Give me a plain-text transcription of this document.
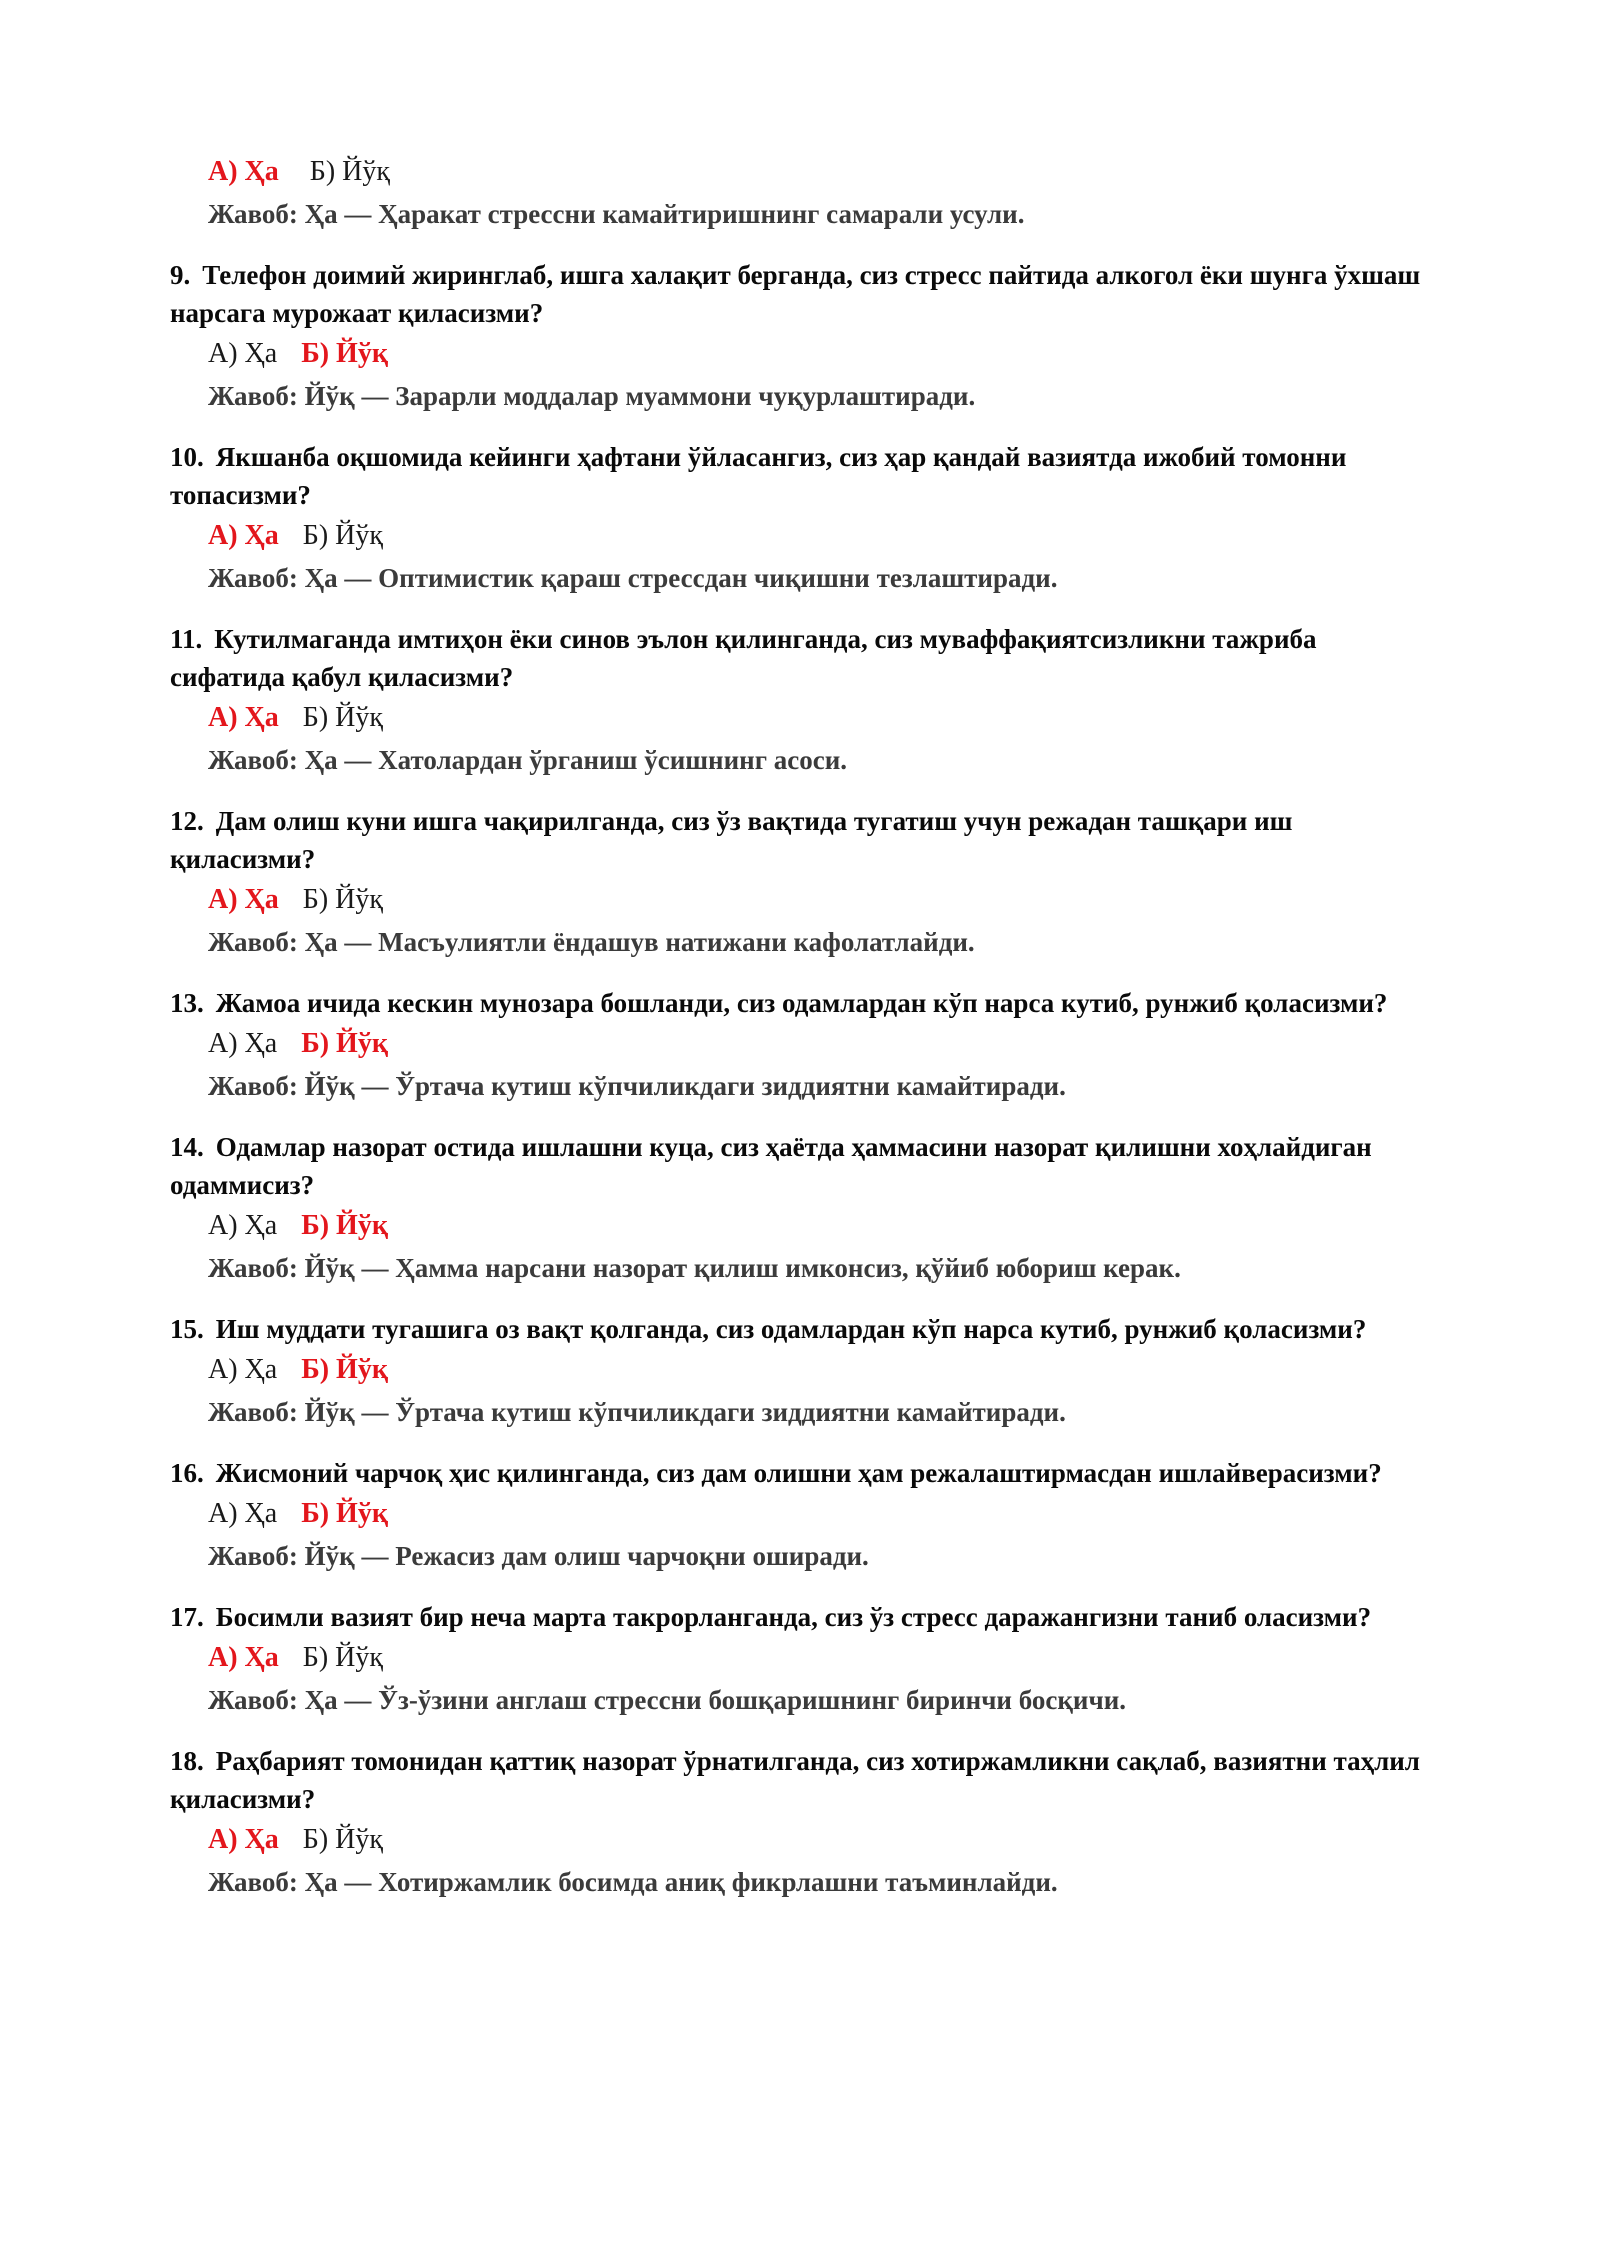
А) Ҳа Б) Йўқ
Жавоб: Ҳа — Ҳаракат стрессни камайтиришнинг самарали усули.

9. Телефон доимий жиринглаб, ишга халақит берганда, сиз стресс пайтида алкогол ёки шунга ўхшаш нарсага мурожаат қиласизми?

А) Ҳа Б) Йўқ
Жавоб: Йўқ — Зарарли моддалар муаммони чуқурлаштиради.

10. Якшанба оқшомида кейинги ҳафтани ўйласангиз, сиз ҳар қандай вазиятда ижобий томонни топасизми?

А) Ҳа Б) Йўқ
Жавоб: Ҳа — Оптимистик қараш стрессдан чиқишни тезлаштиради.

11. Кутилмаганда имтиҳон ёки синов эълон қилинганда, сиз муваффақиятсизликни тажриба сифатида қабул қиласизми?

А) Ҳа Б) Йўқ
Жавоб: Ҳа — Хатолардан ўрганиш ўсишнинг асоси.

12. Дам олиш куни ишга чақирилганда, сиз ўз вақтида тугатиш учун режадан ташқари иш қиласизми?

А) Ҳа Б) Йўқ
Жавоб: Ҳа — Масъулиятли ёндашув натижани кафолатлайди.

13. Жамоа ичида кескин мунозара бошланди, сиз одамлардан кўп нарса кутиб, рунжиб қоласизми?

А) Ҳа Б) Йўқ
Жавоб: Йўқ — Ўртача кутиш кўпчиликдаги зиддиятни камайтиради.

14. Одамлар назорат остида ишлашни куца, сиз ҳаётда ҳаммасини назорат қилишни хоҳлайдиган одаммисиз?

А) Ҳа Б) Йўқ
Жавоб: Йўқ — Ҳамма нарсани назорат қилиш имконсиз, қўйиб юбориш керак.

15. Иш муддати тугашига оз вақт қолганда, сиз одамлардан кўп нарса кутиб, рунжиб қоласизми?

А) Ҳа Б) Йўқ
Жавоб: Йўқ — Ўртача кутиш кўпчиликдаги зиддиятни камайтиради.

16. Жисмоний чарчоқ ҳис қилинганда, сиз дам олишни ҳам режалаштирмасдан ишлайверасизми?

А) Ҳа Б) Йўқ
Жавоб: Йўқ — Режасиз дам олиш чарчоқни оширади.

17. Босимли вазият бир неча марта такрорланганда, сиз ўз стресс даражангизни таниб оласизми?

А) Ҳа Б) Йўқ
Жавоб: Ҳа — Ўз-ўзини англаш стрессни бошқаришнинг биринчи босқичи.

18. Раҳбарият томонидан қаттиқ назорат ўрнатилганда, сиз хотиржамликни сақлаб, вазиятни таҳлил қиласизми?

А) Ҳа Б) Йўқ
Жавоб: Ҳа — Хотиржамлик босимда аниқ фикрлашни таъминлайди.
